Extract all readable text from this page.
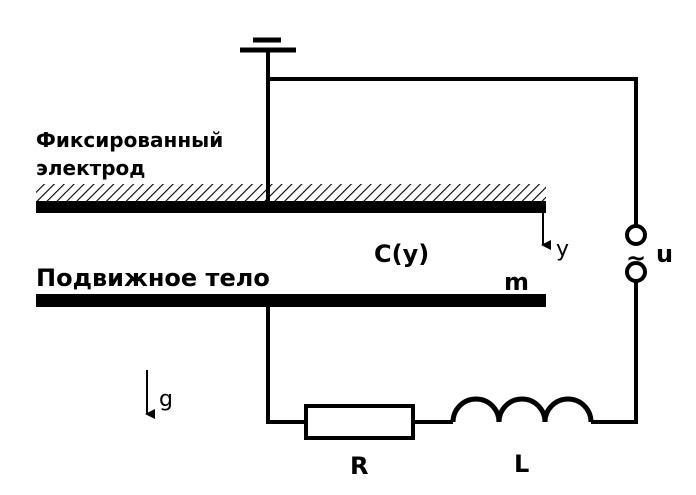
Фиксированный
электрод
Подвижное тело
C(y)
m
y
g
~ u
R	L
